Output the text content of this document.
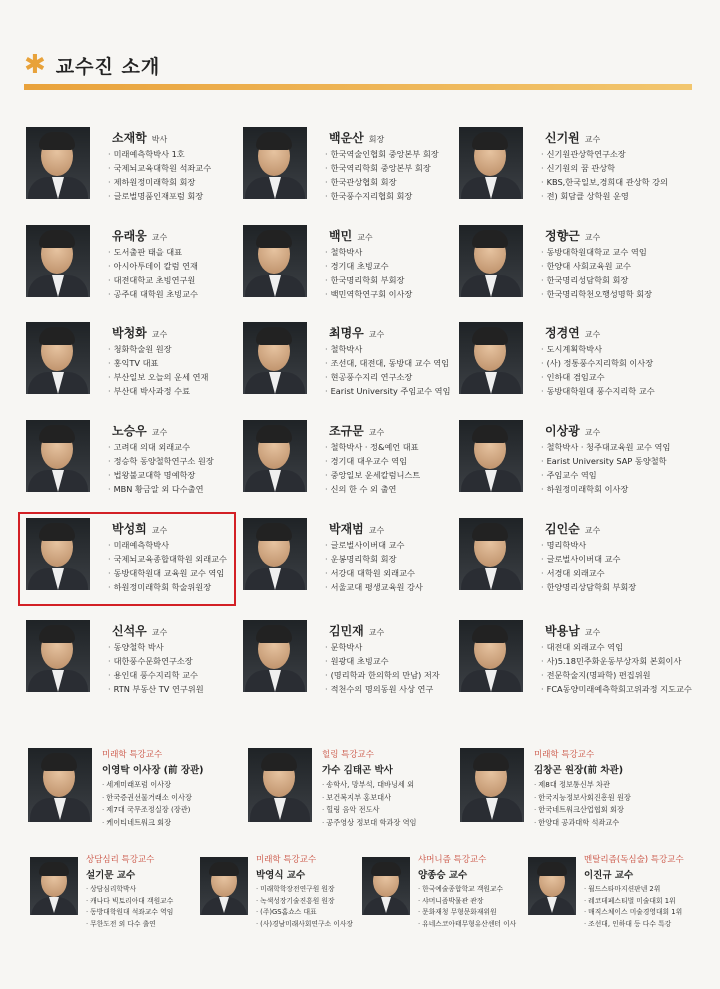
✱ 교수진 소개
소재학 박사
· 미래예측학박사 1호
· 국제뇌교육대학원 석좌교수
· 제하원정미래학회 회장
· 글로벌명품인재포럼 회장
백운산 회장
· 한국역술인협회 중앙본부 회장
· 한국역리학회 중앙본부 회장
· 한국관상협회 회장
· 한국풍수지리협회 회장
신기원 교수
· 신기원관상학연구소장
· 신기원의 꿈 관상학
· KBS,한국일보,경희대 관상학 강의
· 전) 회담클 상학원 운영
유래웅 교수
· 도서출판 태을 대표
· 아시아투데이 칼럼 연재
· 대전대학교 초빙연구원
· 공주대 대학원 초빙교수
백민 교수
· 철학박사
· 경기대 초빙교수
· 한국명리학회 부회장
· 백민역학연구회 이사장
정향근 교수
· 동방대학원대학교 교수 역임
· 한양대 사회교육원 교수
· 한국명리성담학회 회장
· 한국명리학천오행성명학 회장
박청화 교수
· 청화학술원 원장
· 홍익TV 대표
· 부산일보 오늘의 운세 연재
· 부산대 박사과정 수료
최명우 교수
· 철학박사
· 조선대, 대전대, 동방대 교수 역임
· 현공풍수지리 연구소장
· Earist University 주임교수 역임
정경연 교수
· 도시계획학박사
· (사) 정통풍수지리학회 이사장
· 인하대 겸임교수
· 동방대학원대 풍수지리학 교수
노승우 교수
· 고려대 의대 외래교수
· 정승학 동양철학연구소 원장
· 법왕불교대학 명예학장
· MBN 황금알 외 다수출연
조규문 교수
· 철학박사 · 정&예언 대표
· 경기대 대우교수 역임
· 중앙일보 운세칼럼니스트
· 신의 한 수 외 출연
이상광 교수
· 철학박사 · 청주대교육원 교수 역임
· Earist University SAP 동양철학
· 주임교수 역임
· 하원정미래학회 이사장
박성희 교수
· 미래예측학박사
· 국제뇌교육종합대학원 외래교수
· 동방대학원대 교육원 교수 역임
· 하원정미래학회 학술위원장
박재범 교수
· 글로벌사이버대 교수
· 운봉명리학회 회장
· 서강대 대학원 외래교수
· 서울교대 평생교육원 강사
김인순 교수
· 명리학박사
· 글로벌사이버대 교수
· 서경대 외래교수
· 한양명리상담학회 부회장
신석우 교수
· 동양철학 박사
· 대한풍수문화연구소장
· 용인대 풍수지리학 교수
· RTN 부동산 TV 연구위원
김민재 교수
· 문학박사
· 원광대 초빙교수
· (명리학과 한의학의 만남) 저자
· 적천수의 명의동원 사상 연구
박용남 교수
· 대전대 외래교수 역임
· 사)5.18민주화운동부상자회 본회이사
· 전문학술지(명파학) 편집위원
· FCA동양미래예측학회고위과정 지도교수
미래학 특강교수
이영탁 이사장 (前 장관)
· 세계미래포럼 이사장
· 한국증권선물거래소 이사장
· 제7대 국무조정실장 (장관)
· 케이티네트워크 회장
힐링 특강교수
가수 김태곤 박사
· 송학사, 망부석, 대바닝세 외
· 보건복지부 홍보대사
· 힐링 음악 전도사
· 공주영상 정보대 학과장 역임
미래학 특강교수
김창곤 원장(前 차관)
· 제8대 정보통신부 차관
· 한국지능정보사회진흥원 원장
· 한국네트워크산업협회 회장
· 한양대 공과대학 석좌교수
상담심리 특강교수
설기문 교수
· 상담심리학박사
· 캐나다 빅토리아대 객원교수
· 동방대학원대 석좌교수 역임
· 무한도전 외 다수 출연
미래학 특강교수
박영식 교수
· 미래학학장전연구원 원장
· 녹색성장기술진흥원 원장
· (주)GS홈쇼스 대표
· (사)경남미래사회연구소 이사장
샤머니즘 특강교수
양종승 교수
· 한국예술종합학교 객원교수
· 샤머니즘박물관 관장
· 문화재청 무형문화재위원
· 유네스코아태무형유산센터 이사
멘탈리즘(독심술) 특강교수
이진규 교수
· 월드스타마지션판넨 2위
· 레코데페스티벌 미술대회 1위
· 매직스체이스 미술경영대회 1위
· 조선대, 인하대 등 다수 특강
